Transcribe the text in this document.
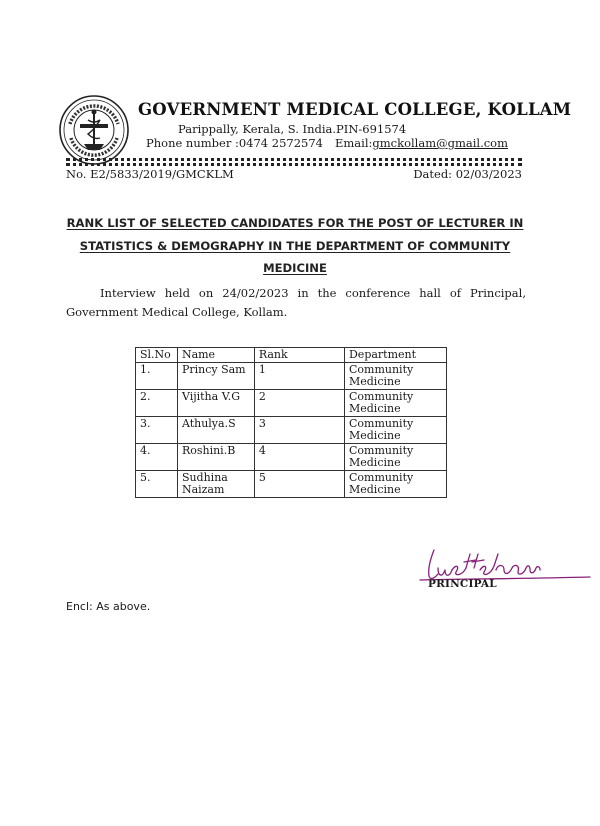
GOVERNMENT MEDICAL COLLEGE, KOLLAM
Parippally, Kerala, S. India.PIN-691574
Phone number :0474 2572574 Email:gmckollam@gmail.com
No. E2/5833/2019/GMCKLM	Dated: 02/03/2023
RANK LIST OF SELECTED CANDIDATES FOR THE POST OF LECTURER IN
STATISTICS & DEMOGRAPHY IN THE DEPARTMENT OF COMMUNITY
MEDICINE
Interview held on 24/02/2023 in the conference hall of Principal, Government Medical College, Kollam.
Sl.No	Name	Rank	Department
1.	Princy Sam	1	Community Medicine
2.	Vijitha V.G	2	Community Medicine
3.	Athulya.S	3	Community Medicine
4.	Roshini.B	4	Community Medicine
5.	Sudhina Naizam	5	Community Medicine
PRINCIPAL
Encl: As above.
